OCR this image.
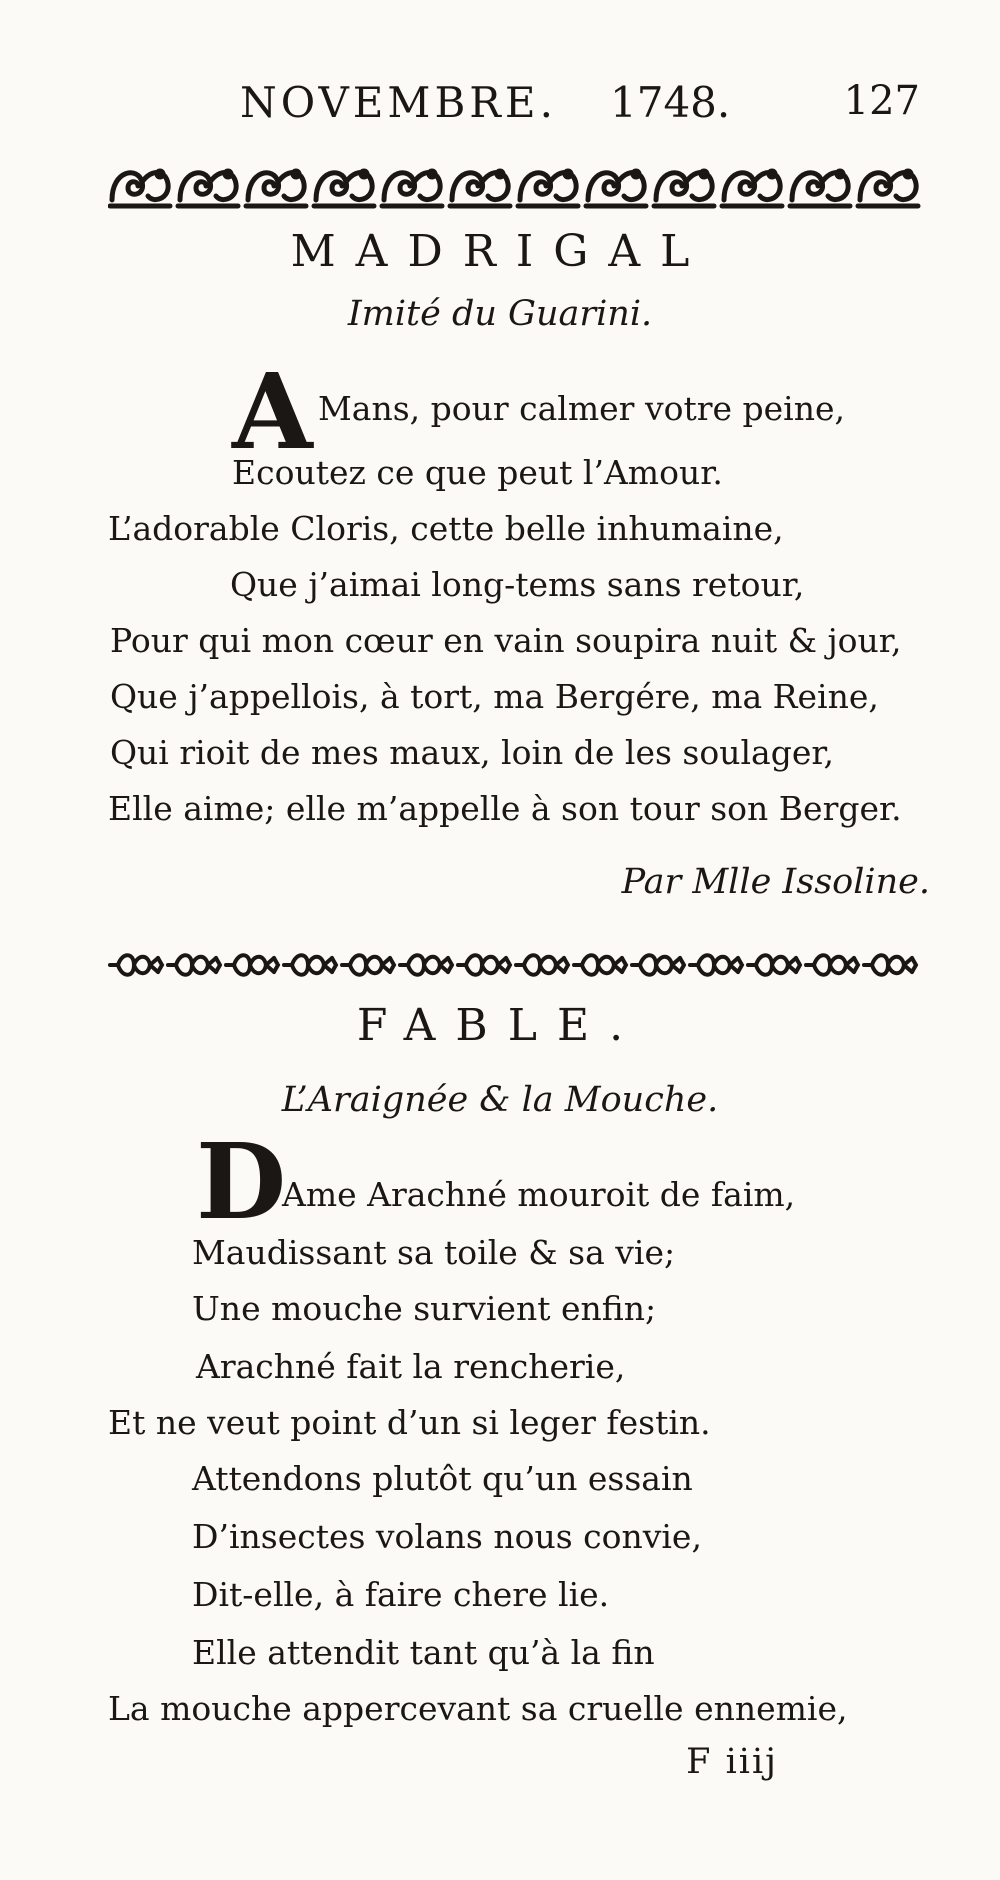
NOVEMBRE. 1748.	127
MADRIGAL
Imité du Guarini.
A Mans, pour calmer votre peine,
Ecoutez ce que peut l’Amour.
L’adorable Cloris, cette belle inhumaine,
Que j’aimai long-tems sans retour,
Pour qui mon cœur en vain soupira nuit & jour,
Que j’appellois, à tort, ma Bergére, ma Reine,
Qui rioit de mes maux, loin de les soulager,
Elle aime; elle m’appelle à son tour son Berger.
Par Mlle Issoline.
FABLE.
L’Araignée & la Mouche.
D
Ame Arachné mouroit de faim,
Maudissant sa toile & sa vie;
Une mouche survient enfin;
Arachné fait la rencherie,
Et ne veut point d’un si leger festin.
Attendons plutôt qu’un essain
D’insectes volans nous convie,
Dit-elle, à faire chere lie.
Elle attendit tant qu’à la fin
La mouche appercevant sa cruelle ennemie,
F iiij
